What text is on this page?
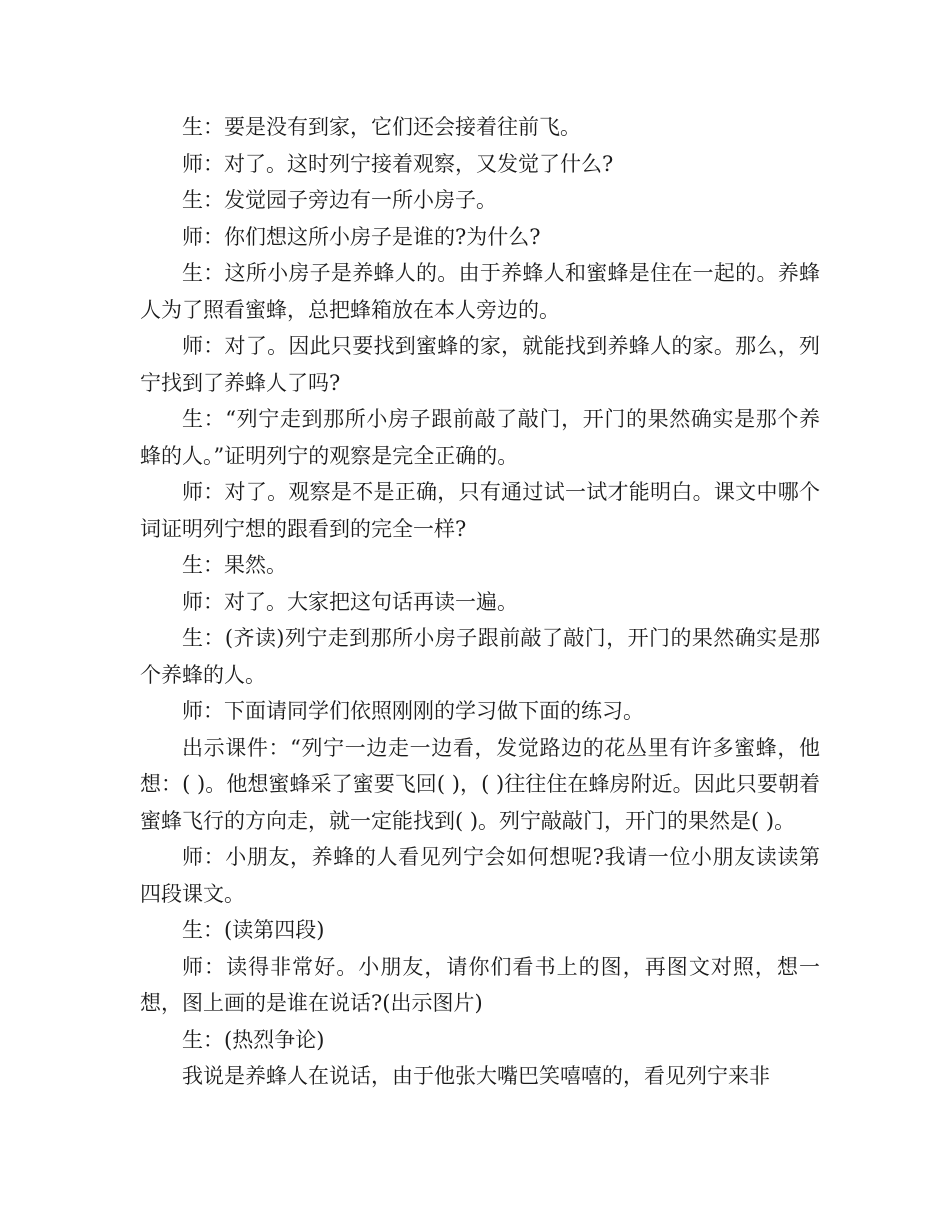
生：要是没有到家，它们还会接着往前飞。

师：对了。这时列宁接着观察，又发觉了什么?

生：发觉园子旁边有一所小房子。

师：你们想这所小房子是谁的?为什么?

生：这所小房子是养蜂人的。由于养蜂人和蜜蜂是住在一起的。养蜂人为了照看蜜蜂，总把蜂箱放在本人旁边的。

师：对了。因此只要找到蜜蜂的家，就能找到养蜂人的家。那么，列宁找到了养蜂人了吗?

生：“列宁走到那所小房子跟前敲了敲门，开门的果然确实是那个养蜂的人。”证明列宁的观察是完全正确的。

师：对了。观察是不是正确，只有通过试一试才能明白。课文中哪个词证明列宁想的跟看到的完全一样?

生：果然。

师：对了。大家把这句话再读一遍。

生：(齐读)列宁走到那所小房子跟前敲了敲门，开门的果然确实是那个养蜂的人。

师：下面请同学们依照刚刚的学习做下面的练习。

出示课件：“列宁一边走一边看，发觉路边的花丛里有许多蜜蜂，他想：( )。他想蜜蜂采了蜜要飞回( )，( )往往住在蜂房附近。因此只要朝着蜜蜂飞行的方向走，就一定能找到( )。列宁敲敲门，开门的果然是( )。

师：小朋友，养蜂的人看见列宁会如何想呢?我请一位小朋友读读第四段课文。

生：(读第四段)

师：读得非常好。小朋友，请你们看书上的图，再图文对照，想一想，图上画的是谁在说话?(出示图片)

生：(热烈争论)

我说是养蜂人在说话，由于他张大嘴巴笑嘻嘻的，看见列宁来非
